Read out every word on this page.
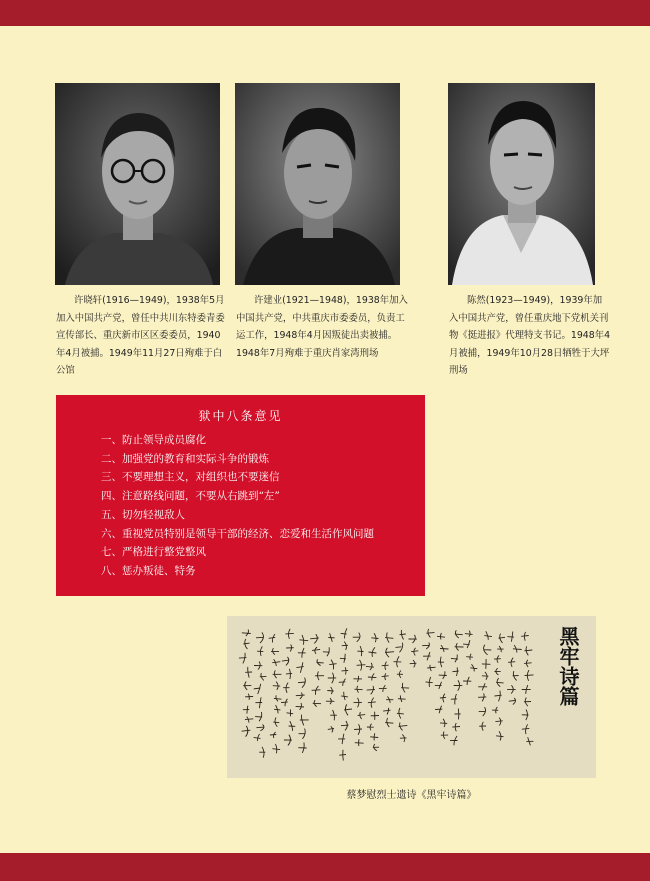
许晓轩(1916—1949)，1938年5月加入中国共产党，曾任中共川东特委青委宣传部长、重庆新市区区委委员，1940年4月被捕。1949年11月27日殉难于白公馆

许建业(1921—1948)，1938年加入中国共产党，中共重庆市委委员，负责工运工作，1948年4月因叛徒出卖被捕。1948年7月殉难于重庆肖家湾刑场

陈然(1923—1949)，1939年加入中国共产党，曾任重庆地下党机关刊物《挺进报》代理特支书记。1948年4月被捕，1949年10月28日牺牲于大坪刑场

狱中八条意见
一、防止领导成员腐化
二、加强党的教育和实际斗争的锻炼
三、不要理想主义，对组织也不要迷信
四、注意路线问题，不要从右跳到“左”
五、切勿轻视敌人
六、重视党员特别是领导干部的经济、恋爱和生活作风问题
七、严格进行整党整风
八、惩办叛徒、特务
黑牢诗篇
蔡梦慰烈士遗诗《黑牢诗篇》
